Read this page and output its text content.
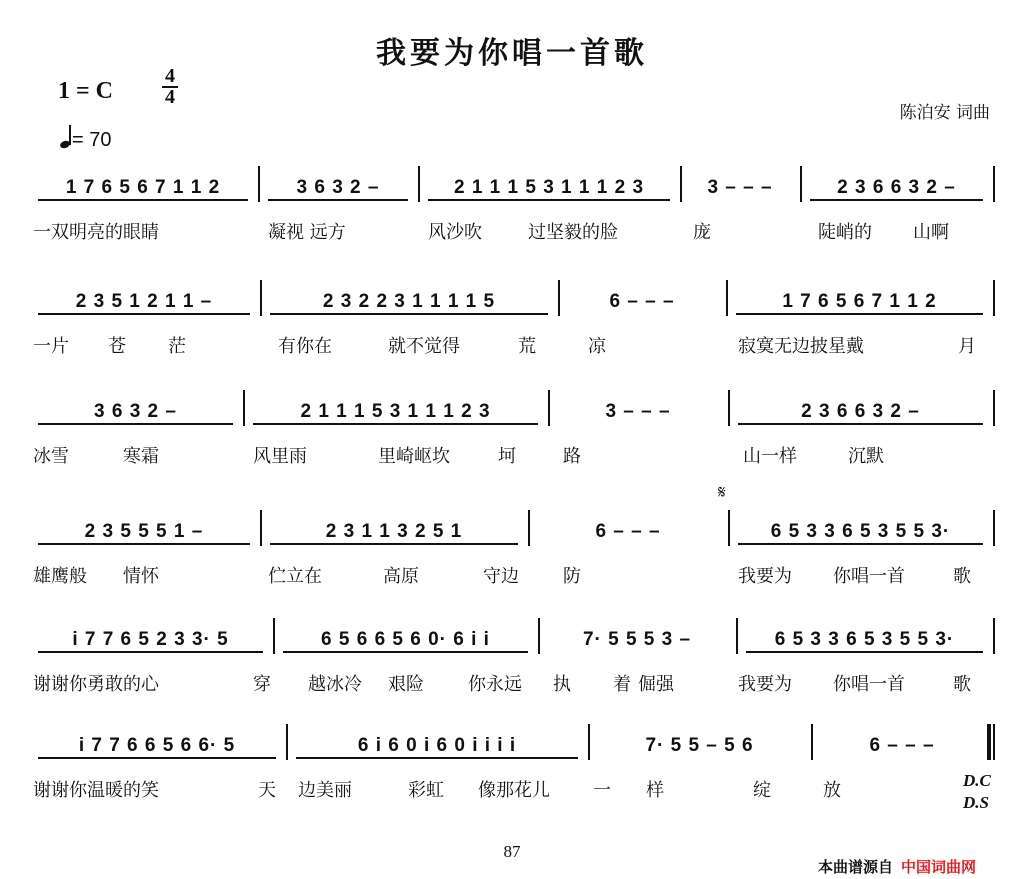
我要为你唱一首歌
1 = C
4
4
= 70
陈泊安 词曲
1 7 6 5 6 7 1 1 2	3 6 3 2 –	2 1 1 1 5 3 1 1 1 2 3	3 – – –	2 3 6 6 3 2 –
一双明亮的眼睛	凝视 远方	风沙吹	过坚毅的脸	庞	陡峭的 山啊
2 3 5 1 2 1 1 –	2 3 2 2 3 1 1 1 1 5	6 – – –	1 7 6 5 6 7 1 1 2
一片 苍 茫	有你在	就不觉得	荒	凉	寂寞无边披星戴	月
3 6 3 2 –	2 1 1 1 5 3 1 1 1 2 3	3 – – –	2 3 6 6 3 2 –
冰雪	寒霜	风里雨	里崎岖坎	坷	路	山一样	沉默
2 3 5 5 5 1 –	2 3 1 1 3 2 5 1	6 – – –	6 5 3 3 6 5 3 5 5 3·
雄鹰般 情怀	伫立在	高原	守边 防	我要为 你唱一首	歌
i 7 7 6 5 2 3 3· 5	6 5 6 6 5 6 0· 6 i i	7· 5 5 5 3 –	6 5 3 3 6 5 3 5 5 3·
谢谢你勇敢的心	穿 越冰冷 艰险 你永远 执 着 倔强	我要为 你唱一首	歌
i 7 7 6 6 5 6 6· 5	6 i 6 0 i 6 0 i i i i	7· 5 5 – 5 6	6 – – –
谢谢你温暖的笑	天 边美丽	彩虹 像那花儿 一 样	绽	放
𝄋
D.C
D.S
87
本曲谱源自 中国词曲网
